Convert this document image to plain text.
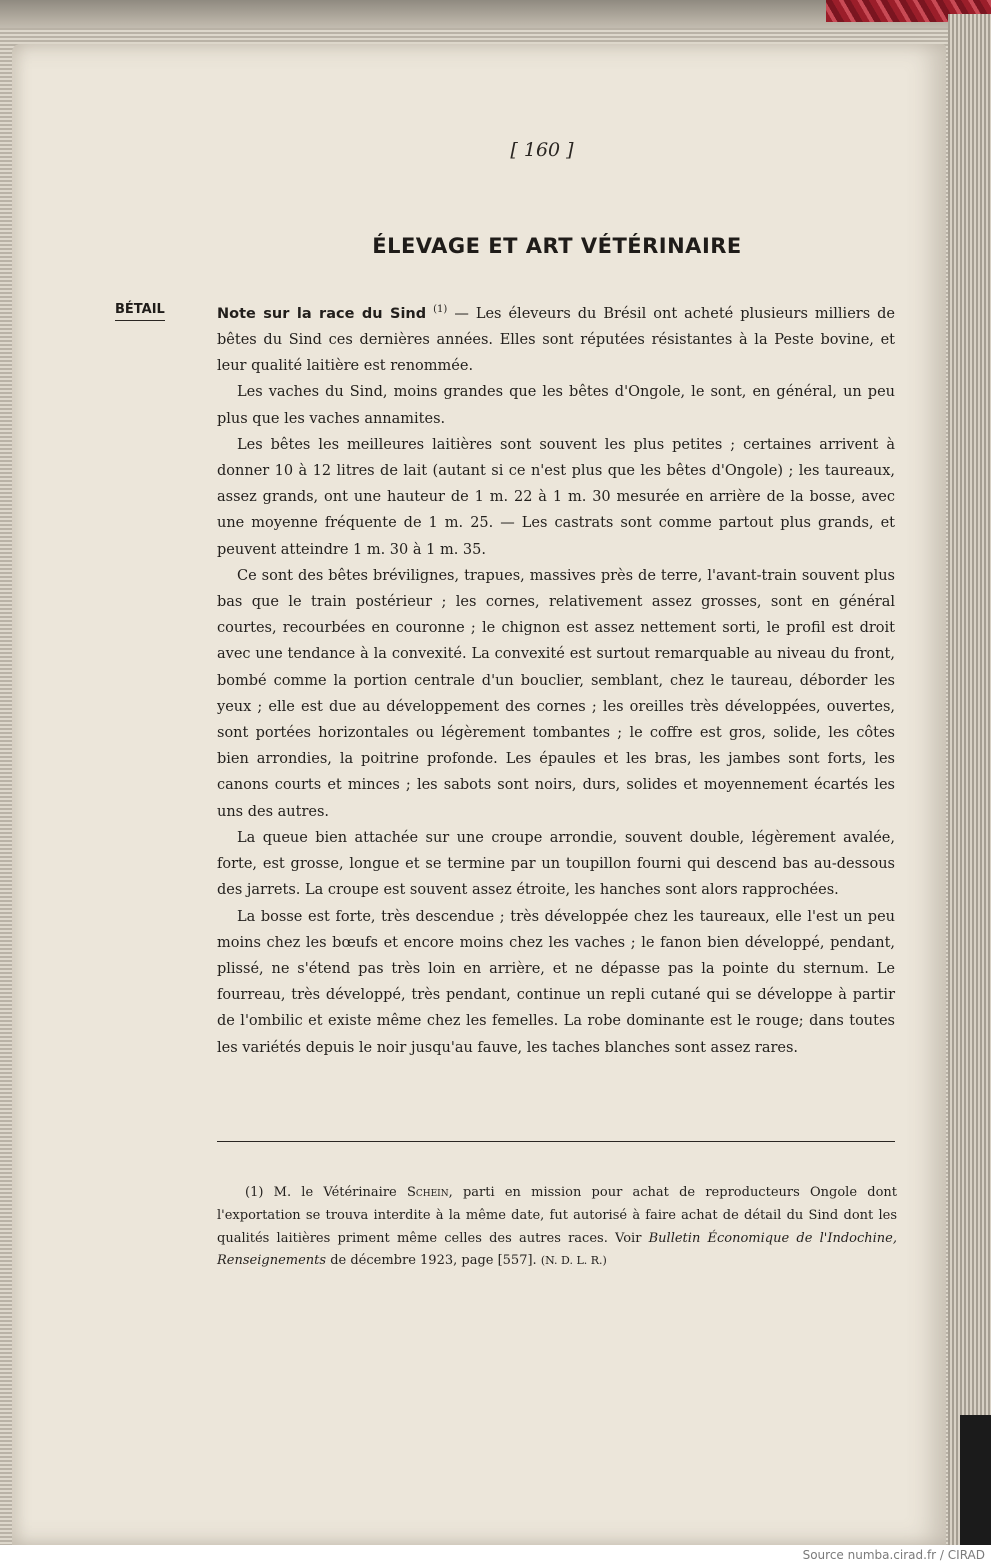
[ 160 ]
ÉLEVAGE ET ART VÉTÉRINAIRE
BÉTAIL	Note sur la race du Sind $^{(1)}$ — Les éleveurs du Brésil ont acheté plusieurs milliers de bêtes du Sind ces dernières années. Elles sont réputées résistantes à la Peste bovine, et leur qualité laitière est renommée.

Les vaches du Sind, moins grandes que les bêtes d'Ongole, le sont, en général, un peu plus que les vaches annamites.

Les bêtes les meilleures laitières sont souvent les plus petites ; certaines arrivent à donner 10 à 12 litres de lait (autant si ce n'est plus que les bêtes d'Ongole) ; les taureaux, assez grands, ont une hauteur de 1 m. 22 à 1 m. 30 mesurée en arrière de la bosse, avec une moyenne fréquente de 1 m. 25. — Les castrats sont comme partout plus grands, et peuvent atteindre 1 m. 30 à 1 m. 35.

Ce sont des bêtes brévilignes, trapues, massives près de terre, l'avant-train souvent plus bas que le train postérieur ; les cornes, relativement assez grosses, sont en général courtes, recourbées en couronne ; le chignon est assez nettement sorti, le profil est droit avec une tendance à la convexité. La convexité est surtout remarquable au niveau du front, bombé comme la portion centrale d'un bouclier, semblant, chez le taureau, déborder les yeux ; elle est due au développement des cornes ; les oreilles très développées, ouvertes, sont portées horizontales ou légèrement tombantes ; le coffre est gros, solide, les côtes bien arrondies, la poitrine profonde. Les épaules et les bras, les jambes sont forts, les canons courts et minces ; les sabots sont noirs, durs, solides et moyennement écartés les uns des autres.

La queue bien attachée sur une croupe arrondie, souvent double, légèrement avalée, forte, est grosse, longue et se termine par un toupillon fourni qui descend bas au-dessous des jarrets. La croupe est souvent assez étroite, les hanches sont alors rapprochées.

La bosse est forte, très descendue ; très développée chez les taureaux, elle l'est un peu moins chez les bœufs et encore moins chez les vaches ; le fanon bien développé, pendant, plissé, ne s'étend pas très loin en arrière, et ne dépasse pas la pointe du sternum. Le fourreau, très développé, très pendant, continue un repli cutané qui se développe à partir de l'ombilic et existe même chez les femelles. La robe dominante est le rouge; dans toutes les variétés depuis le noir jusqu'au fauve, les taches blanches sont assez rares.

(1) M. le Vétérinaire Schein, parti en mission pour achat de reproducteurs Ongole dont l'exportation se trouva interdite à la même date, fut autorisé à faire achat de détail du Sind dont les qualités laitières priment même celles des autres races. Voir Bulletin Économique de l'Indochine, Renseignements de décembre 1923, page [557]. (N. D. L. R.)

Source numba.cirad.fr / CIRAD
